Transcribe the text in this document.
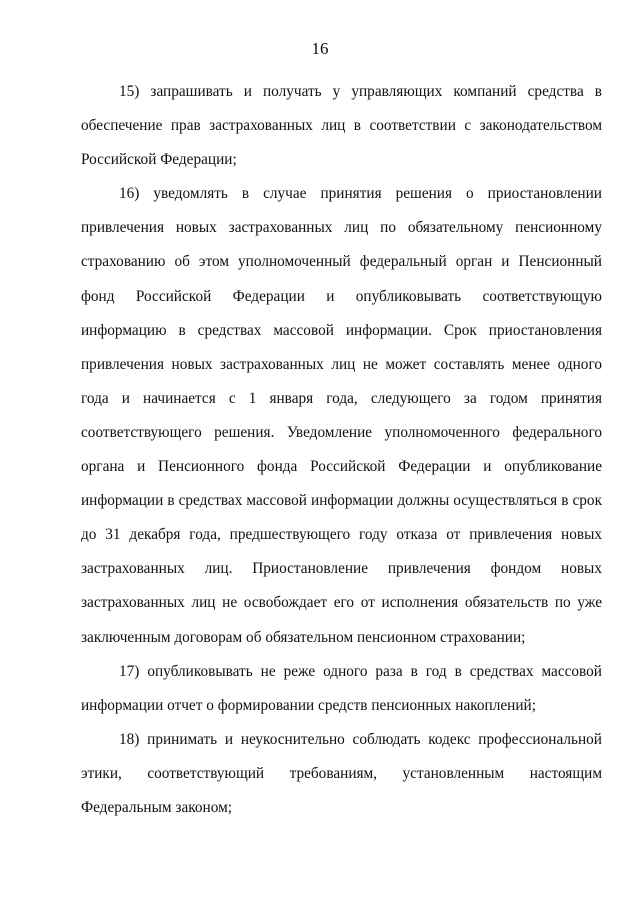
16

15) запрашивать и получать у управляющих компаний средства в обеспечение прав застрахованных лиц в соответствии с законодательством Российской Федерации;

16) уведомлять в случае принятия решения о приостановлении привлечения новых застрахованных лиц по обязательному пенсионному страхованию об этом уполномоченный федеральный орган и Пенсионный фонд Российской Федерации и опубликовывать соответствующую информацию в средствах массовой информации. Срок приостановления привлечения новых застрахованных лиц не может составлять менее одного года и начинается с 1 января года, следующего за годом принятия соответствующего решения. Уведомление уполномоченного федерального органа и Пенсионного фонда Российской Федерации и опубликование информации в средствах массовой информации должны осуществляться в срок до 31 декабря года, предшествующего году отказа от привлечения новых застрахованных лиц. Приостановление привлечения фондом новых застрахованных лиц не освобождает его от исполнения обязательств по уже заключенным договорам об обязательном пенсионном страховании;

17) опубликовывать не реже одного раза в год в средствах массовой информации отчет о формировании средств пенсионных накоплений;

18) принимать и неукоснительно соблюдать кодекс профессиональной этики, соответствующий требованиям, установленным настоящим Федеральным законом;
